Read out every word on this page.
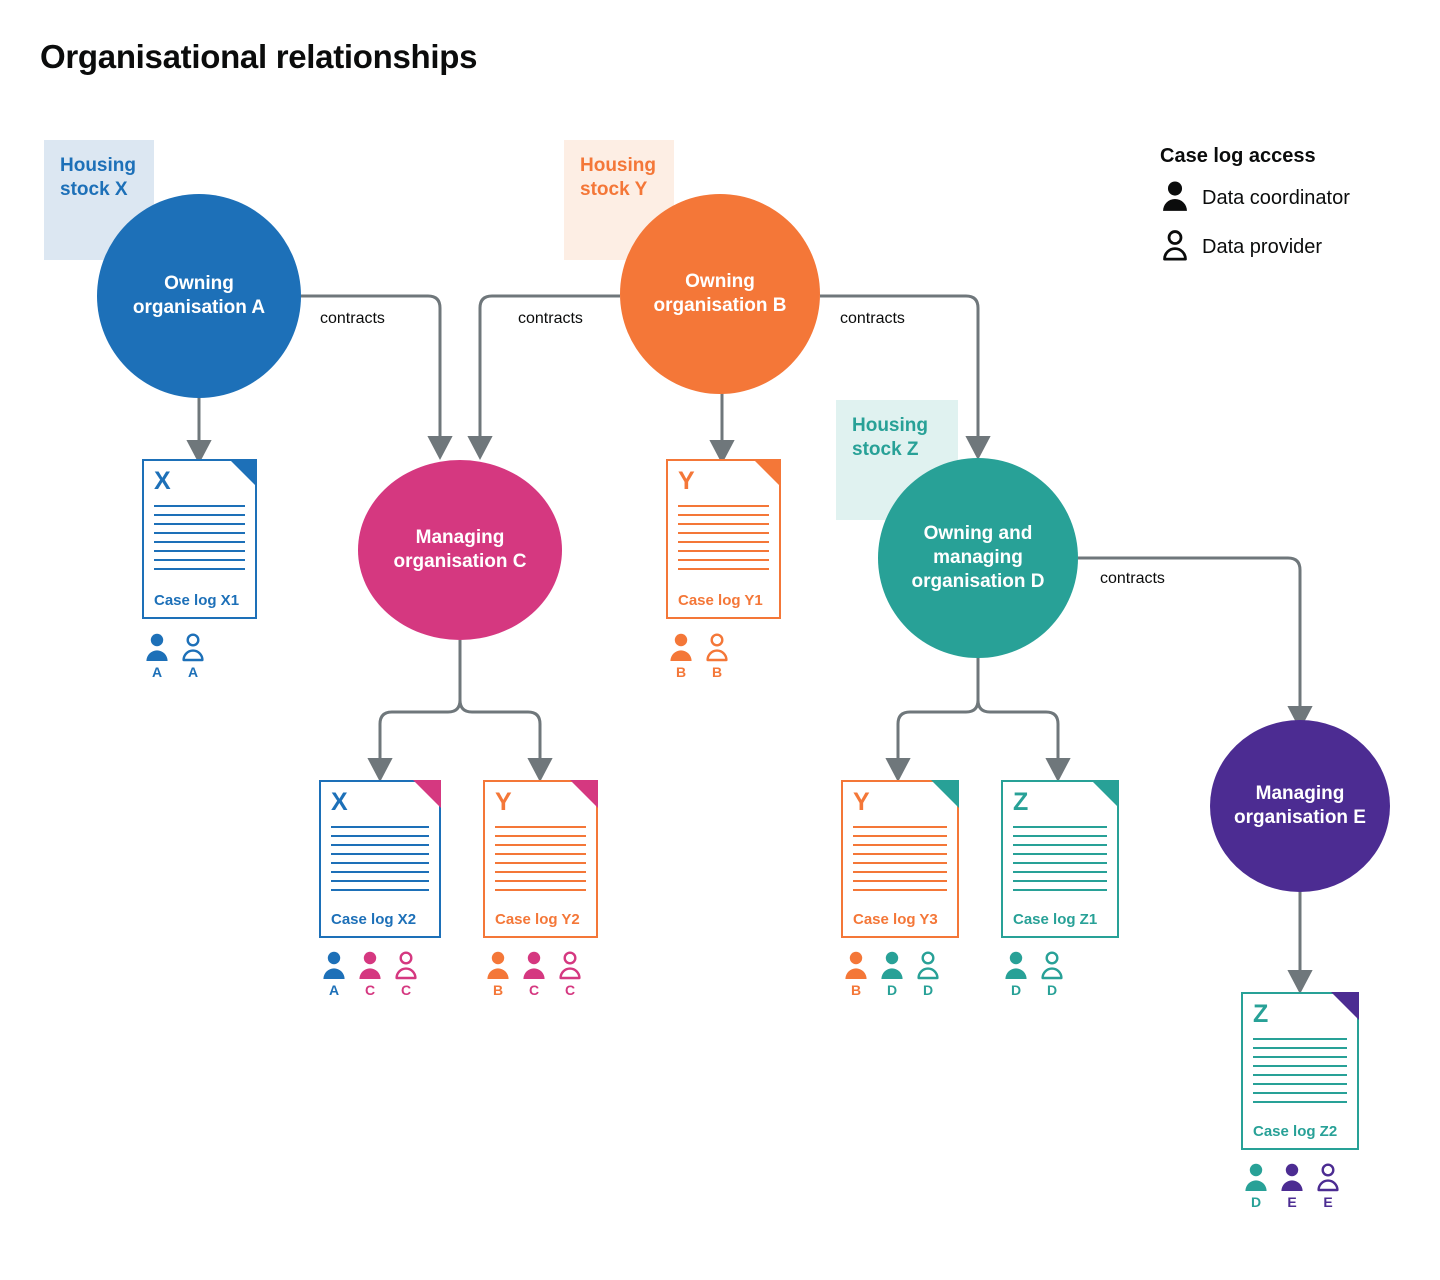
Organisational relationships
contracts	contracts	contracts
contracts
Housing
stock X
Housing
stock Y
Housing
stock Z
Owning
organisation A
Owning
organisation B
Managing
organisation C
Owning and
managing
organisation D
Managing
organisation E
X
Case log X1
A	A
Y
Case log Y1
B	B
X
Case log X2
A	C	C
Y
Case log Y2
B	C	C
Y
Case log Y3
B	D	D
Z
Case log Z1
D	D
Z
Case log Z2
D	E	E
Case log access
Data coordinator
Data provider
